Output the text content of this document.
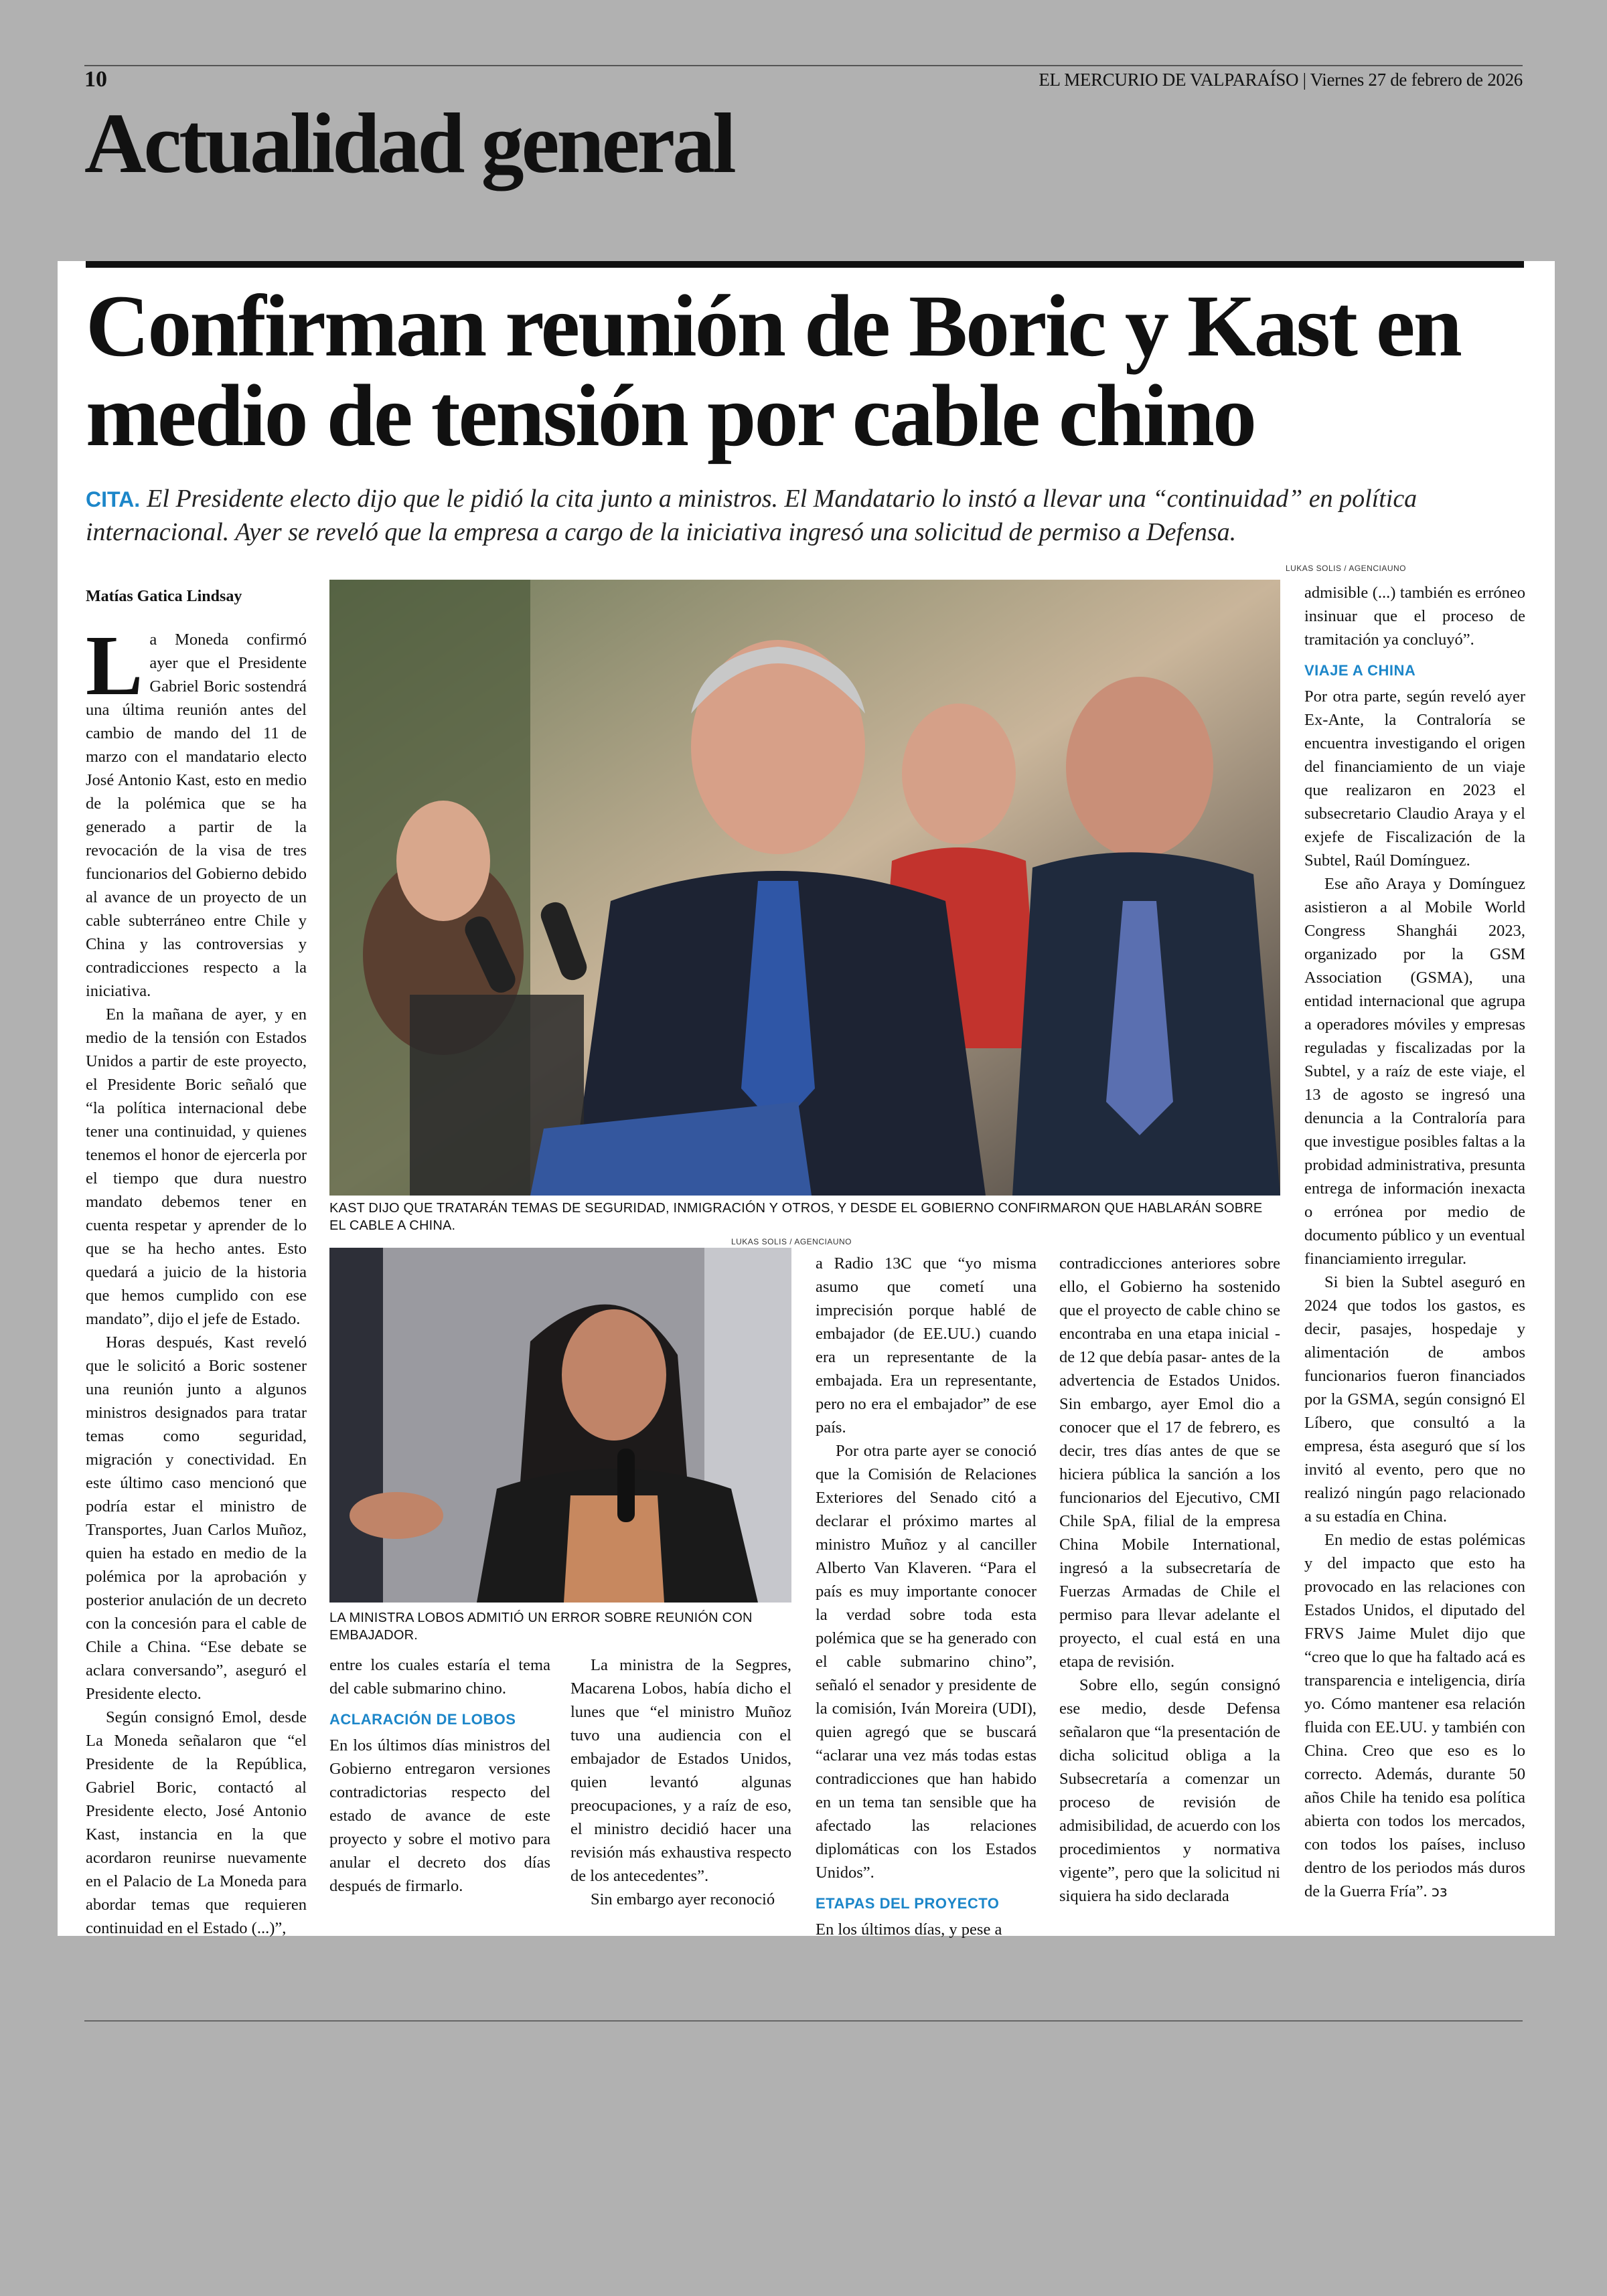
10	EL MERCURIO DE VALPARAÍSO | Viernes 27 de febrero de 2026
Actualidad general
Confirman reunión de Boric y Kast en medio de tensión por cable chino

CITA. El Presidente electo dijo que le pidió la cita junto a ministros. El Mandatario lo instó a llevar una “continuidad” en política internacional. Ayer se reveló que la empresa a cargo de la iniciativa ingresó una solicitud de permiso a Defensa.

LUKAS SOLIS / AGENCIAUNO
Matías Gatica Lindsay
KAST DIJO QUE TRATARÁN TEMAS DE SEGURIDAD, INMIGRACIÓN Y OTROS, Y DESDE EL GOBIERNO CONFIRMARON QUE HABLARÁN SOBRE EL CABLE A CHINA.
LUKAS SOLIS / AGENCIAUNO
LA MINISTRA LOBOS ADMITIÓ UN ERROR SOBRE REUNIÓN CON EMBAJADOR.

La Moneda confirmó ayer que el Presidente Gabriel Boric sostendrá una última reunión antes del cambio de mando del 11 de marzo con el mandatario electo José Antonio Kast, esto en medio de la polémica que se ha generado a partir de la revocación de la visa de tres funcionarios del Gobierno debido al avance de un proyecto de un cable subterráneo entre Chile y China y las controversias y contradicciones respecto a la iniciativa.

En la mañana de ayer, y en medio de la tensión con Estados Unidos a partir de este proyecto, el Presidente Boric señaló que “la política internacional debe tener una continuidad, y quienes tenemos el honor de ejercerla por el tiempo que dura nuestro mandato debemos tener en cuenta respetar y aprender de lo que se ha hecho antes. Esto quedará a juicio de la historia que hemos cumplido con ese mandato”, dijo el jefe de Estado.

Horas después, Kast reveló que le solicitó a Boric sostener una reunión junto a algunos ministros designados para tratar temas como seguridad, migración y conectividad. En este último caso mencionó que podría estar el ministro de Transportes, Juan Carlos Muñoz, quien ha estado en medio de la polémica por la aprobación y posterior anulación de un decreto con la concesión para el cable de Chile a China. “Ese debate se aclara conversando”, aseguró el Presidente electo.

Según consignó Emol, desde La Moneda señalaron que “el Presidente de la República, Gabriel Boric, contactó al Presidente electo, José Antonio Kast, instancia en la que acordaron reunirse nuevamente en el Palacio de La Moneda para abordar temas que requieren continuidad en el Estado (...)”,

entre los cuales estaría el tema del cable submarino chino.

ACLARACIÓN DE LOBOS

En los últimos días ministros del Gobierno entregaron versiones contradictorias respecto del estado de avance de este proyecto y sobre el motivo para anular el decreto dos días después de firmarlo.

La ministra de la Segpres, Macarena Lobos, había dicho el lunes que “el ministro Muñoz tuvo una audiencia con el embajador de Estados Unidos, quien levantó algunas preocupaciones, y a raíz de eso, el ministro decidió hacer una revisión más exhaustiva respecto de los antecedentes”.

Sin embargo ayer reconoció

a Radio 13C que “yo misma asumo que cometí una imprecisión porque hablé de embajador (de EE.UU.) cuando era un representante de la embajada. Era un representante, pero no era el embajador” de ese país.

Por otra parte ayer se conoció que la Comisión de Relaciones Exteriores del Senado citó a declarar el próximo martes al ministro Muñoz y al canciller Alberto Van Klaveren. “Para el país es muy importante conocer la verdad sobre toda esta polémica que se ha generado con el cable submarino chino”, señaló el senador y presidente de la comisión, Iván Moreira (UDI), quien agregó que se buscará “aclarar una vez más todas estas contradicciones que han habido en un tema tan sensible que ha afectado las relaciones diplomáticas con los Estados Unidos”.

ETAPAS DEL PROYECTO

En los últimos días, y pese a

contradicciones anteriores sobre ello, el Gobierno ha sostenido que el proyecto de cable chino se encontraba en una etapa inicial -de 12 que debía pasar- antes de la advertencia de Estados Unidos. Sin embargo, ayer Emol dio a conocer que el 17 de febrero, es decir, tres días antes de que se hiciera pública la sanción a los funcionarios del Ejecutivo, CMI Chile SpA, filial de la empresa China Mobile International, ingresó a la subsecretaría de Fuerzas Armadas de Chile el permiso para llevar adelante el proyecto, el cual está en una etapa de revisión.

Sobre ello, según consignó ese medio, desde Defensa señalaron que “la presentación de dicha solicitud obliga a la Subsecretaría a comenzar un proceso de revisión de admisibilidad, de acuerdo con los procedimientos y normativa vigente”, pero que la solicitud ni siquiera ha sido declarada

admisible (...) también es erróneo insinuar que el proceso de tramitación ya concluyó”.

VIAJE A CHINA

Por otra parte, según reveló ayer Ex-Ante, la Contraloría se encuentra investigando el origen del financiamiento de un viaje que realizaron en 2023 el subsecretario Claudio Araya y el exjefe de Fiscalización de la Subtel, Raúl Domínguez.

Ese año Araya y Domínguez asistieron a al Mobile World Congress Shanghái 2023, organizado por la GSM Association (GSMA), una entidad internacional que agrupa a operadores móviles y empresas reguladas y fiscalizadas por la Subtel, y a raíz de este viaje, el 13 de agosto se ingresó una denuncia a la Contraloría para que investigue posibles faltas a la probidad administrativa, presunta entrega de información inexacta o errónea por medio de documento público y un eventual financiamiento irregular.

Si bien la Subtel aseguró en 2024 que todos los gastos, es decir, pasajes, hospedaje y alimentación de ambos funcionarios fueron financiados por la GSMA, según consignó El Líbero, que consultó a la empresa, ésta aseguró que sí los invitó al evento, pero que no realizó ningún pago relacionado a su estadía en China.

En medio de estas polémicas y del impacto que esto ha provocado en las relaciones con Estados Unidos, el diputado del FRVS Jaime Mulet dijo que “creo que lo que ha faltado acá es transparencia e inteligencia, diría yo. Cómo mantener esa relación fluida con EE.UU. y también con China. Creo que eso es lo correcto. Además, durante 50 años Chile ha tenido esa política abierta con todos los mercados, con todos los países, incluso dentro de los periodos más duros de la Guerra Fría”. ↄз
